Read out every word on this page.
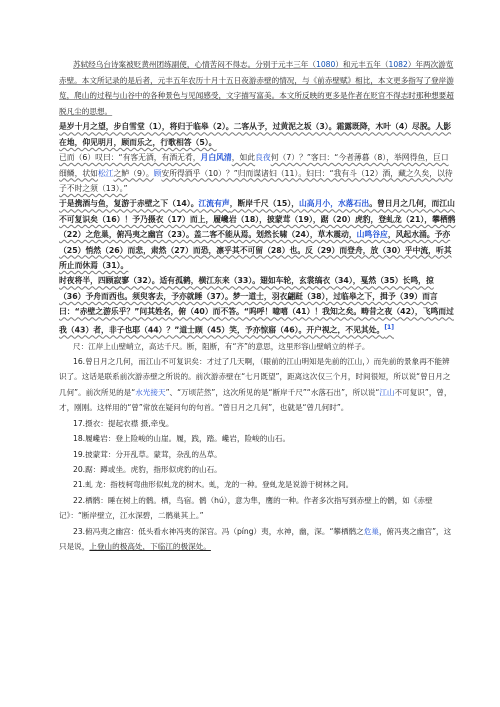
苏轼经乌台诗案被贬黄州团练副使，心情苦闷不得志。分别于元丰三年（1080）和元丰五年（1082）年两次游览赤壁。本文所记录的是后者，元丰五年农历十月十五日夜游赤壁的情况，与《前赤壁赋》相比，本文更多指写了登岸游览，爬山的过程与山谷中的各种景色与见闻感受，文字描写富美。本文所反映的更多是作者在贬官不得志时那种想要超脱凡尘的思想。

是岁十月之望，步自雪堂（1），将归于临皋（2）。二客从予，过黄泥之坂（3）。霜露既降，木叶（4）尽脱。人影在地，仰见明月，顾而乐之，行歌相答（5）。

已而（6）叹曰：“有客无酒，有酒无肴，月白风清，如此良夜何（7）？”客曰：“今者薄暮（8），举网得鱼，巨口细鳞，状如松江之鲈（9）。顾安所得酒乎（10）？”归而谋诸妇（11）。妇曰：“我有斗（12）酒，藏之久矣，以待子不时之须（13）。”

于是携酒与鱼，复游于赤壁之下（14）。江流有声，断岸千尺（15），山高月小，水落石出。曾日月之几何，而江山不可复识矣（16）！予乃摄衣（17）而上，履巉岩（18），披蒙茸（19），踞（20）虎豹，登虬龙（21），攀栖鹘（22）之危巢，俯冯夷之幽宫（23）。盖二客不能从焉。划然长啸（24），草木震动，山鸣谷应，风起水涌。予亦（25）悄然（26）而悲，肃然（27）而恐，凛乎其不可留（28）也。反（29）而登舟，放（30）乎中流，听其所止而休焉（31）。

时夜将半，四顾寂寥（32）。适有孤鹤，横江东来（33）。翅如车轮，玄裳缟衣（34），戛然（35）长鸣，掠（36）予舟而西也。须臾客去，予亦就睡（37）。梦一道士，羽衣翩跹（38），过临皋之下，揖予（39）而言曰：“赤壁之游乐乎？”问其姓名，俯（40）而不答。“呜呼！噫嘻（41）！我知之矣。畴昔之夜（42），飞鸣而过我（43）者，非子也耶（44）？”道士顾（45）笑，予亦惊寤（46）。开户视之，不见其处。[1]

尺：江岸上山壁峭立，高达千尺。断，阻断，有“齐”的意思，这里形容山壁峭立的样子。

16.曾日月之几何，而江山不可复识矣：才过了几天啊，（眼前的江山明知是先前的江山，）而先前的景象再不能辨识了。这话是联系前次游赤壁之所说的。前次游赤壁在“七月既望”，距离这次仅三个月，时间很短，所以说“曾日月之几何”。前次所见的是“水光接天”、“万顷茫然”，这次所见的是“断岸千尺”“水落石出”，所以说“江山不可复识”，曾，才，刚刚。这样用的“曾”常放在疑问句的句首。“曾日月之几何”，也就是“曾几何时”。

17.摄衣：提起衣襟 摄,牵曳。

18.履巉岩：登上险峻的山崖。履，践，踏。巉岩，险峻的山石。

19.披蒙茸：分开乱草。蒙茸，杂乱的丛草。

20.踞：蹲或坐。虎豹，指形似虎豹的山石。

21.虬 龙：指枝柯弯曲形似虬龙的树木。虬，龙的一种。登虬龙是说游于树林之间。

22.栖鹘：睡在树上的鹘。栖，鸟宿。鹘（hú），意为隼，鹰的一种。作者多次指写到赤壁上的鹘，如《赤壁记》：“断岸壁立，江水深碧，二鹘巢其上。”

23.俯冯夷之幽宫：低头看水神冯夷的深宫。冯（píng）夷，水神，幽，深。“攀栖鹘之危巢，俯冯夷之幽宫”，这只是说，上登山的极高处，下临江的极深处。
